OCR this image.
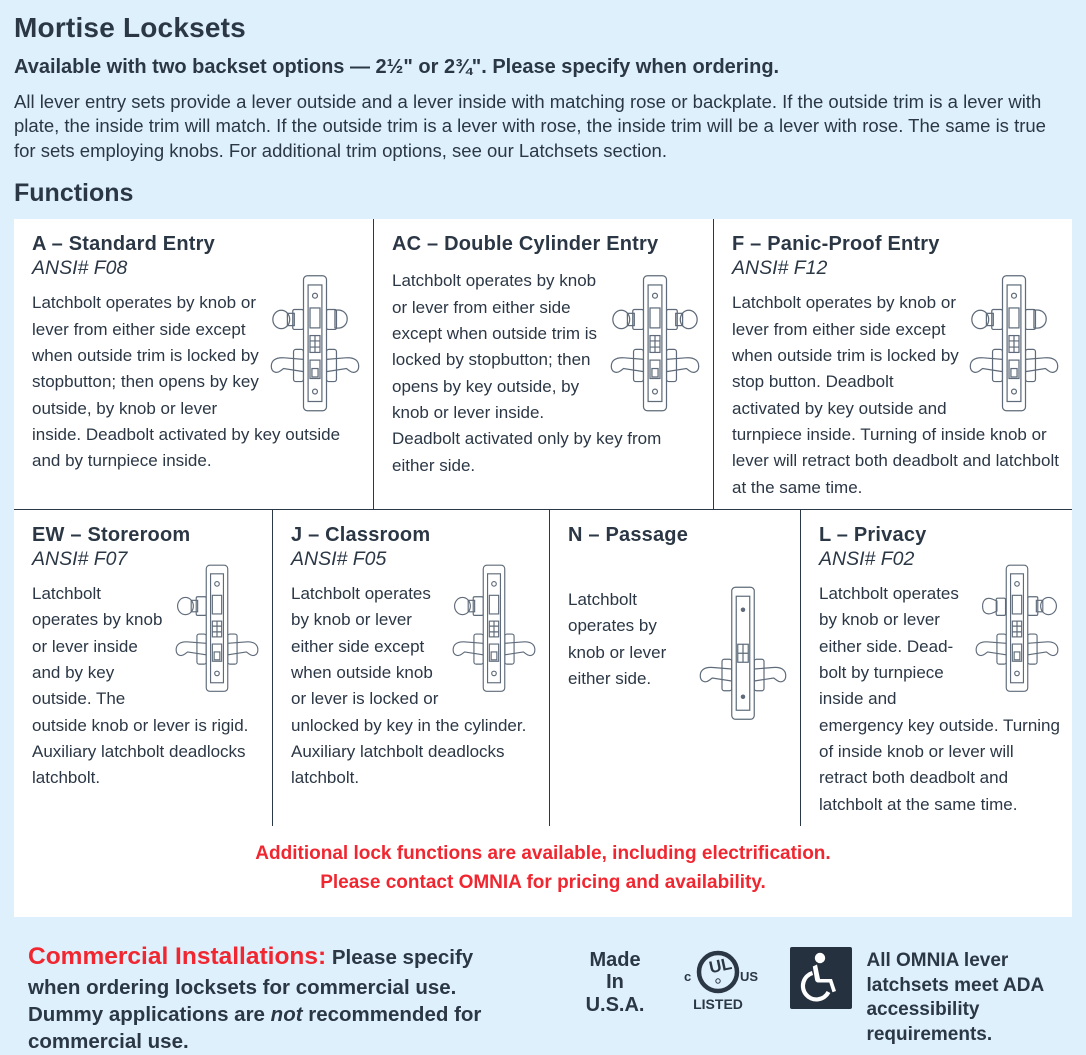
Mortise Locksets
Available with two backset options — 2½" or 2¾". Please specify when ordering.

All lever entry sets provide a lever outside and a lever inside with matching rose or backplate. If the outside trim is a lever with plate, the inside trim will match. If the outside trim is a lever with rose, the inside trim will be a lever with rose. The same is true for sets employing knobs. For additional trim options, see our Latchsets section.

Functions
A – Standard Entry
ANSI# F08

Latchbolt operates by knob or lever from either side except when outside trim is locked by stopbutton; then opens by key outside, by knob or lever inside. Deadbolt activated by key outside and by turnpiece inside.

AC – Double Cylinder Entry

Latchbolt operates by knob or lever from either side except when outside trim is locked by stopbutton; then opens by key outside, by knob or lever inside. Deadbolt activated only by key from either side.

F – Panic-Proof Entry
ANSI# F12

Latchbolt operates by knob or lever from either side except when outside trim is locked by stop button. Deadbolt activated by key outside and turnpiece inside. Turning of inside knob or lever will retract both deadbolt and latchbolt at the same time.

EW – Storeroom
ANSI# F07

Latchbolt operates by knob or lever inside and by key outside. The outside knob or lever is rigid. Auxiliary latchbolt deadlocks latchbolt.

J – Classroom
ANSI# F05

Latchbolt operates by knob or lever either side except when outside knob or lever is locked or unlocked by key in the cylinder. Auxiliary latchbolt deadlocks latchbolt.

N – Passage

Latchbolt operates by knob or lever either side.

L – Privacy
ANSI# F02

Latchbolt operates by knob or lever either side. Dead-bolt by turnpiece inside and emergency key outside. Turning of inside knob or lever will retract both deadbolt and latchbolt at the same time.

Additional lock functions are available, including electrification.
Please contact OMNIA for pricing and availability.
Commercial Installations: Please specify when ordering locksets for commercial use. Dummy applications are not recommended for commercial use.
Made
In
U.S.A.
UL
c	US
LISTED
All OMNIA lever latchsets meet ADA accessibility requirements.
